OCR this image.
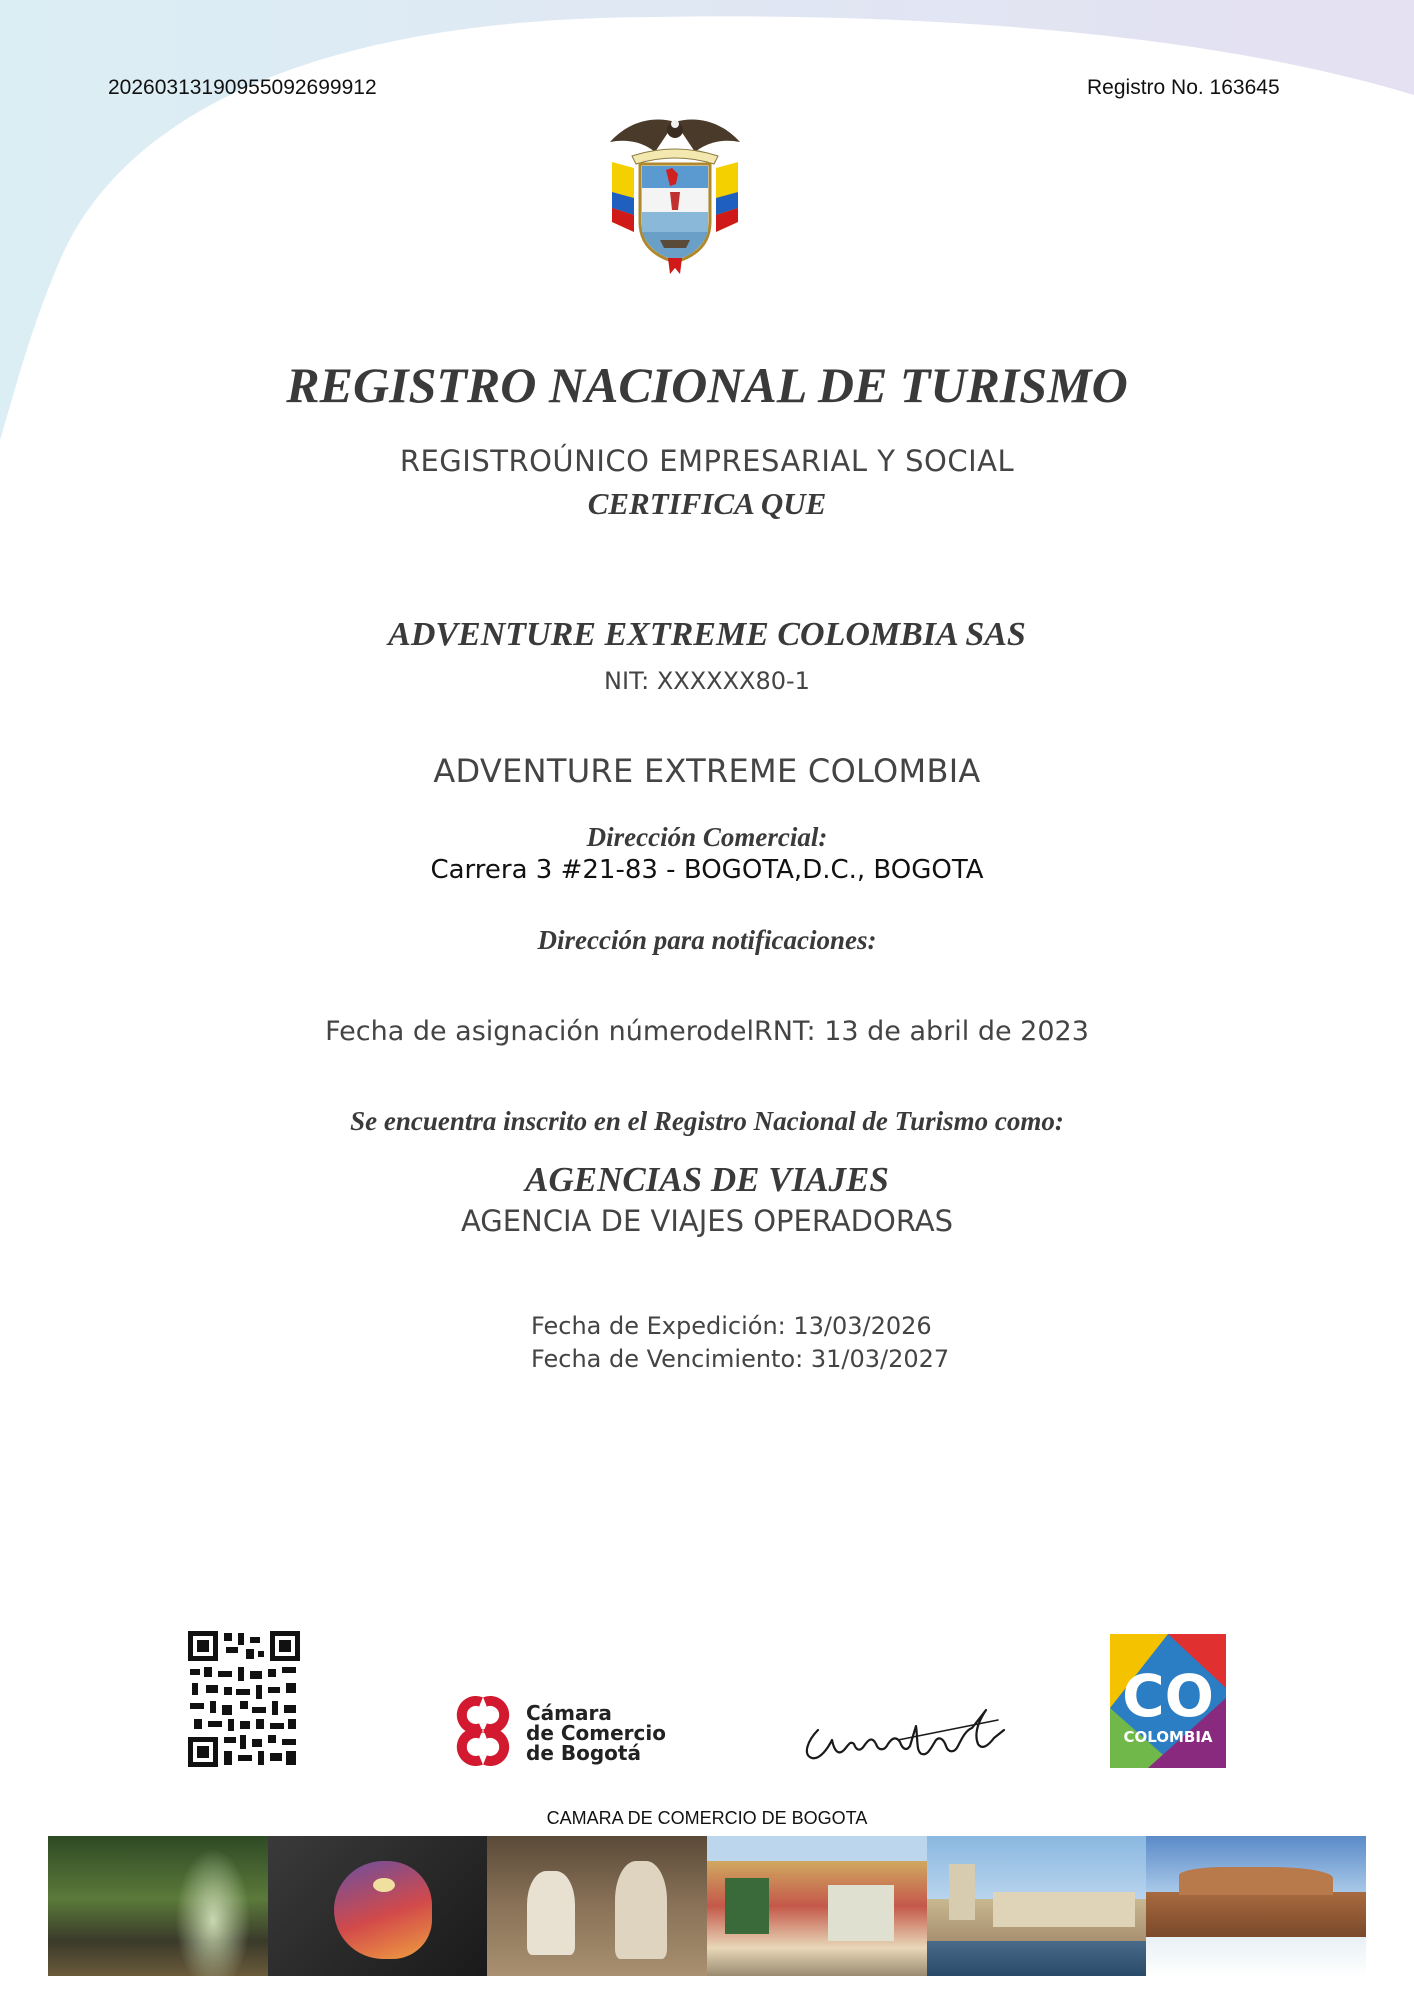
20260313190955092699912	Registro No. 163645
REGISTRO NACIONAL DE TURISMO
REGISTROÚNICO EMPRESARIAL Y SOCIAL
CERTIFICA QUE
ADVENTURE EXTREME COLOMBIA SAS
NIT: XXXXXX80-1
ADVENTURE EXTREME COLOMBIA
Dirección Comercial:
Carrera 3 #21-83 - BOGOTA,D.C., BOGOTA
Dirección para notificaciones:
Fecha de asignación númerodelRNT: 13 de abril de 2023
Se encuentra inscrito en el Registro Nacional de Turismo como:
AGENCIAS DE VIAJES
AGENCIA DE VIAJES OPERADORAS
Fecha de Expedición: 13/03/2026
Fecha de Vencimiento: 31/03/2027
Cámara
de Comercio
de Bogotá
CO
COLOMBIA
CAMARA DE COMERCIO DE BOGOTA
